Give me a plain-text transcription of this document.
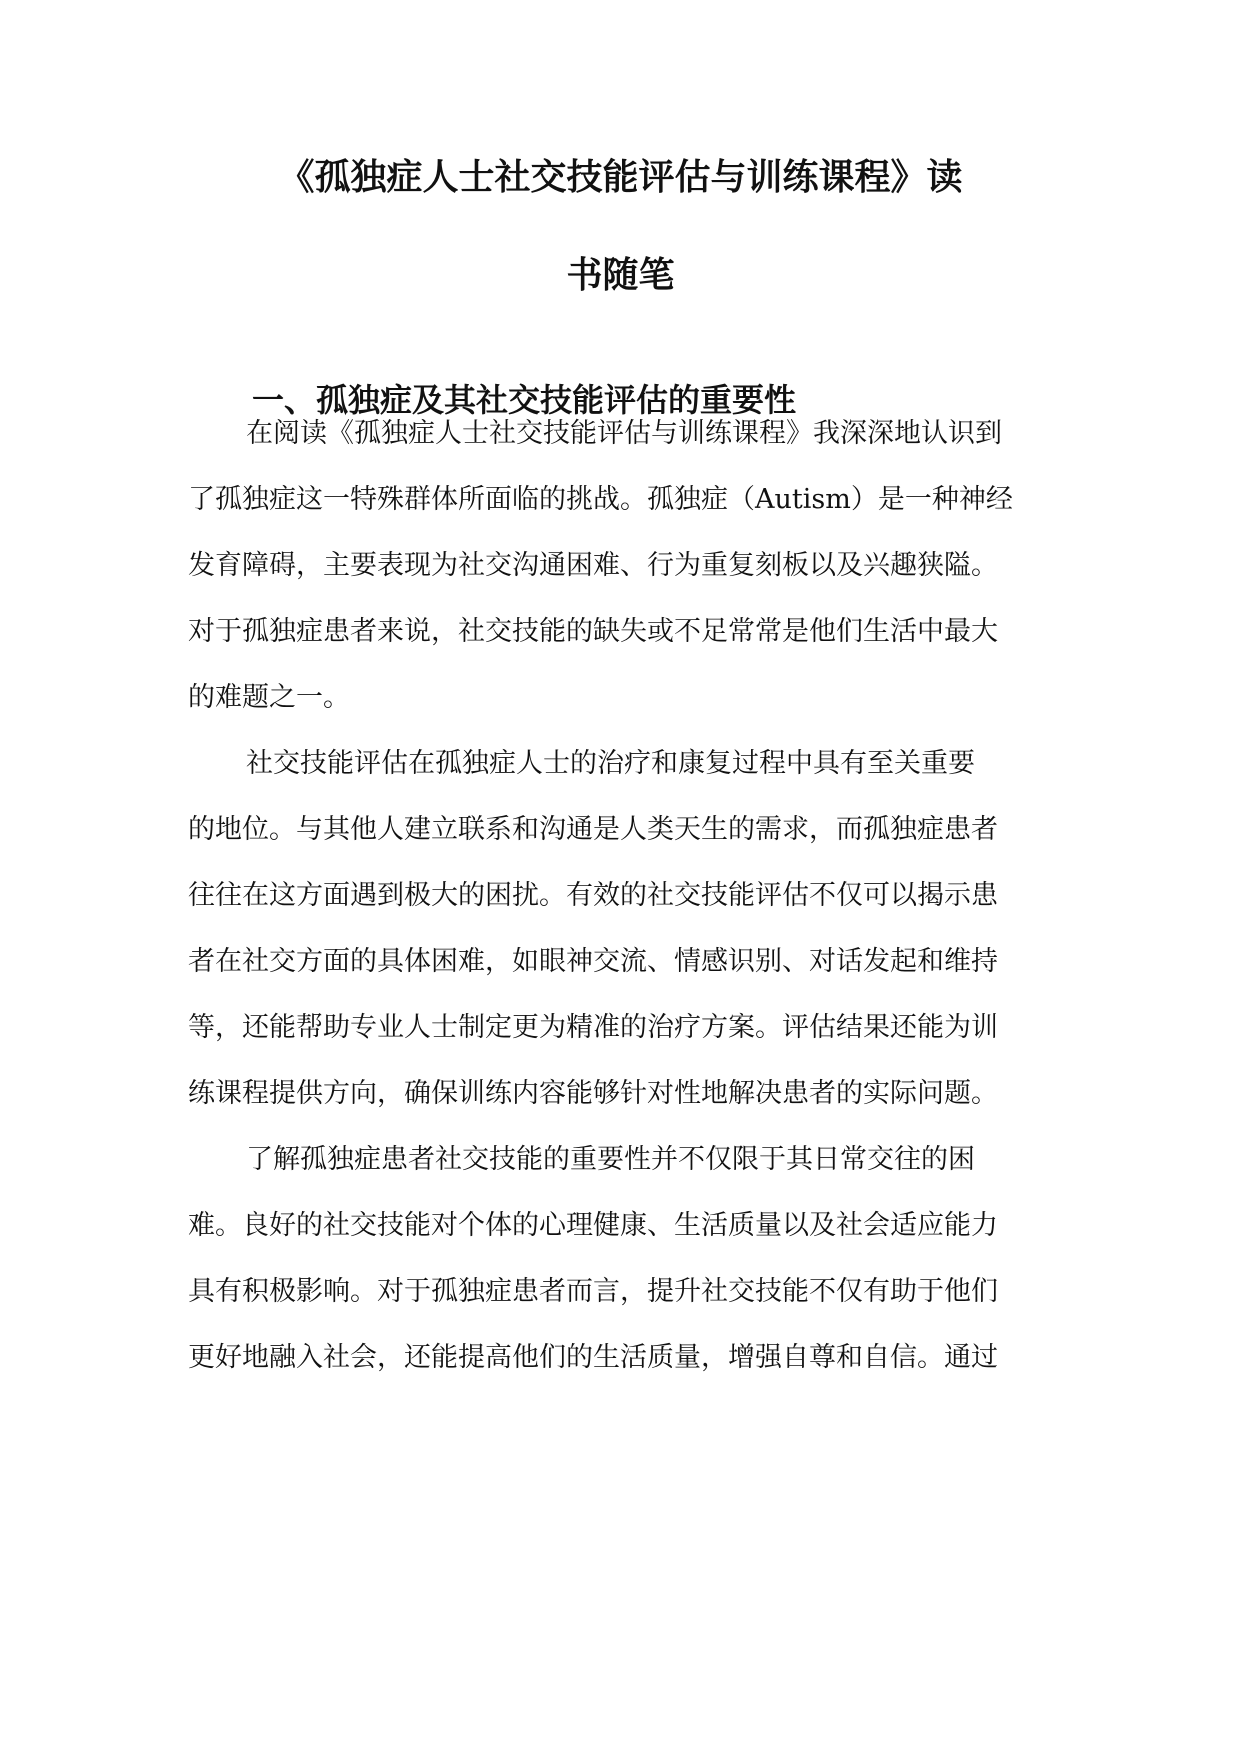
《孤独症人士社交技能评估与训练课程》读
书随笔
一、孤独症及其社交技能评估的重要性
在阅读《孤独症人士社交技能评估与训练课程》我深深地认识到
了孤独症这一特殊群体所面临的挑战。孤独症（Autism）是一种神经
发育障碍，主要表现为社交沟通困难、行为重复刻板以及兴趣狭隘。
对于孤独症患者来说，社交技能的缺失或不足常常是他们生活中最大
的难题之一。
社交技能评估在孤独症人士的治疗和康复过程中具有至关重要
的地位。与其他人建立联系和沟通是人类天生的需求，而孤独症患者
往往在这方面遇到极大的困扰。有效的社交技能评估不仅可以揭示患
者在社交方面的具体困难，如眼神交流、情感识别、对话发起和维持
等，还能帮助专业人士制定更为精准的治疗方案。评估结果还能为训
练课程提供方向，确保训练内容能够针对性地解决患者的实际问题。
了解孤独症患者社交技能的重要性并不仅限于其日常交往的困
难。良好的社交技能对个体的心理健康、生活质量以及社会适应能力
具有积极影响。对于孤独症患者而言，提升社交技能不仅有助于他们
更好地融入社会，还能提高他们的生活质量，增强自尊和自信。通过
